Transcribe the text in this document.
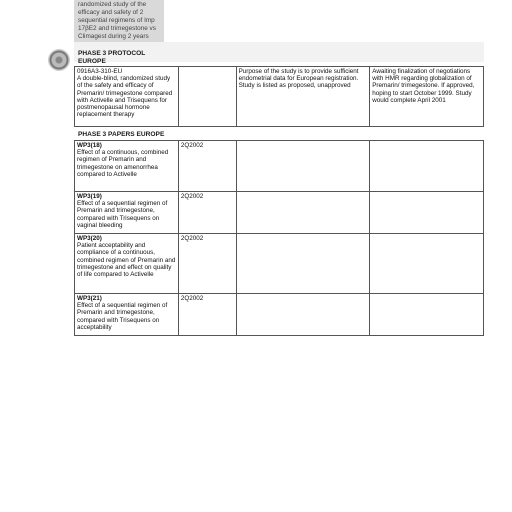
randomized study of the
efficacy and safety of 2
sequential regimens of Imp
17βE2 and trimegestone vs
Climagest during 2 years
PHASE 3 PROTOCOL
EUROPE
0916A3-310-EU
A double-blind, randomized study of the safety and efficacy of Premarin/ trimegestone compared with Activelle and Trisequens for postmenopausal hormone replacement therapy
		Purpose of the study is to provide sufficient endometrial data for European registration. Study is listed as proposed, unapproved	Awaiting finalization of negotiations with HMR regarding globalization of Premarin/ trimegestone. If approved, hoping to start October 1999. Study would complete April 2001
PHASE 3 PAPERS EUROPE
WP3(18)
Effect of a continuous, combined regimen of Premarin and trimegestone on amenorrhea compared to Activelle	2Q2002		

WP3(19)
Effect of a sequential regimen of Premarin and trimegestone, compared with Trisequens on vaginal bleeding	2Q2002		

WP3(20)
Patient acceptability and compliance of a continuous, combined regimen of Premarin and trimegestone and effect on quality of life compared to Activelle	2Q2002		

WP3(21)
Effect of a sequential regimen of Premarin and trimegestone, compared with Trisequens on acceptability	2Q2002		
